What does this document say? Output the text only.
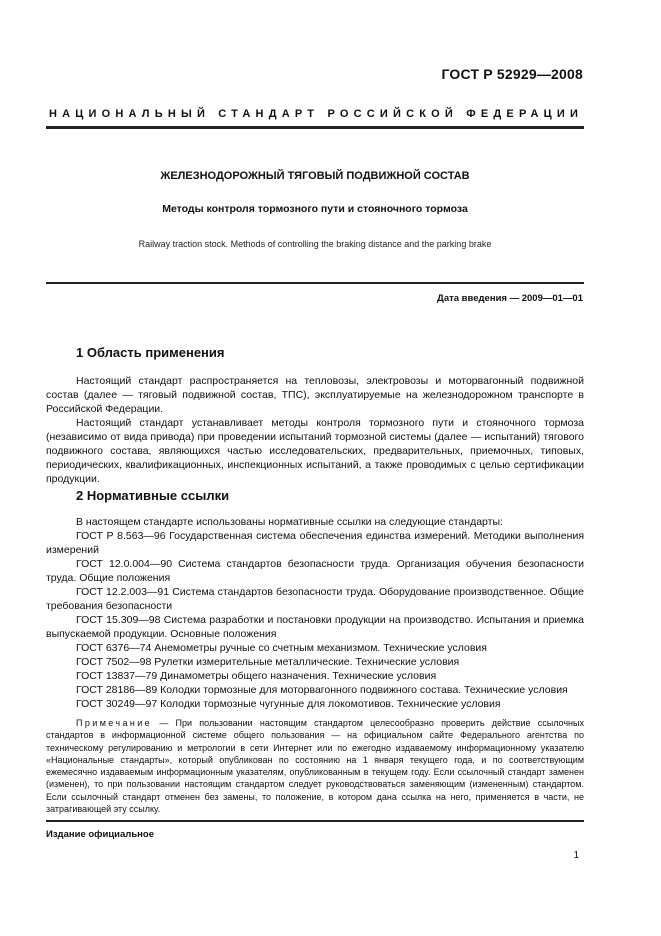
ГОСТ Р 52929—2008
НАЦИОНАЛЬНЫЙ СТАНДАРТ РОССИЙСКОЙ ФЕДЕРАЦИИ
ЖЕЛЕЗНОДОРОЖНЫЙ ТЯГОВЫЙ ПОДВИЖНОЙ СОСТАВ
Методы контроля тормозного пути и стояночного тормоза
Railway traction stock. Methods of controlling the braking distance and the parking brake
Дата введения — 2009—01—01
1 Область применения

Настоящий стандарт распространяется на тепловозы, электровозы и моторвагонный подвижной состав (далее — тяговый подвижной состав, ТПС), эксплуатируемые на железнодорожном транспорте в Российской Федерации.

Настоящий стандарт устанавливает методы контроля тормозного пути и стояночного тормоза (независимо от вида привода) при проведении испытаний тормозной системы (далее — испытаний) тягового подвижного состава, являющихся частью исследовательских, предварительных, приемочных, типовых, периодических, квалификационных, инспекционных испытаний, а также проводимых с целью сертификации продукции.

2 Нормативные ссылки

В настоящем стандарте использованы нормативные ссылки на следующие стандарты:

ГОСТ Р 8.563—96 Государственная система обеспечения единства измерений. Методики выполнения измерений

ГОСТ 12.0.004—90 Система стандартов безопасности труда. Организация обучения безопасности труда. Общие положения

ГОСТ 12.2.003—91 Система стандартов безопасности труда. Оборудование производственное. Общие требования безопасности

ГОСТ 15.309—98 Система разработки и постановки продукции на производство. Испытания и приемка выпускаемой продукции. Основные положения

ГОСТ 6376—74 Анемометры ручные со счетным механизмом. Технические условия

ГОСТ 7502—98 Рулетки измерительные металлические. Технические условия

ГОСТ 13837—79 Динамометры общего назначения. Технические условия

ГОСТ 28186—89 Колодки тормозные для моторвагонного подвижного состава. Технические условия

ГОСТ 30249—97 Колодки тормозные чугунные для локомотивов. Технические условия

Примечание — При пользовании настоящим стандартом целесообразно проверить действие ссылочных стандартов в информационной системе общего пользования — на официальном сайте Федерального агентства по техническому регулированию и метрологии в сети Интернет или по ежегодно издаваемому информационному указателю «Национальные стандарты», который опубликован по состоянию на 1 января текущего года, и по соответствующим ежемесячно издаваемым информационным указателям, опубликованным в текущем году. Если ссылочный стандарт заменен (изменен), то при пользовании настоящим стандартом следует руководствоваться заменяющим (измененным) стандартом. Если ссылочный стандарт отменен без замены, то положение, в котором дана ссылка на него, применяется в части, не затрагивающей эту ссылку.

Издание официальное
1
